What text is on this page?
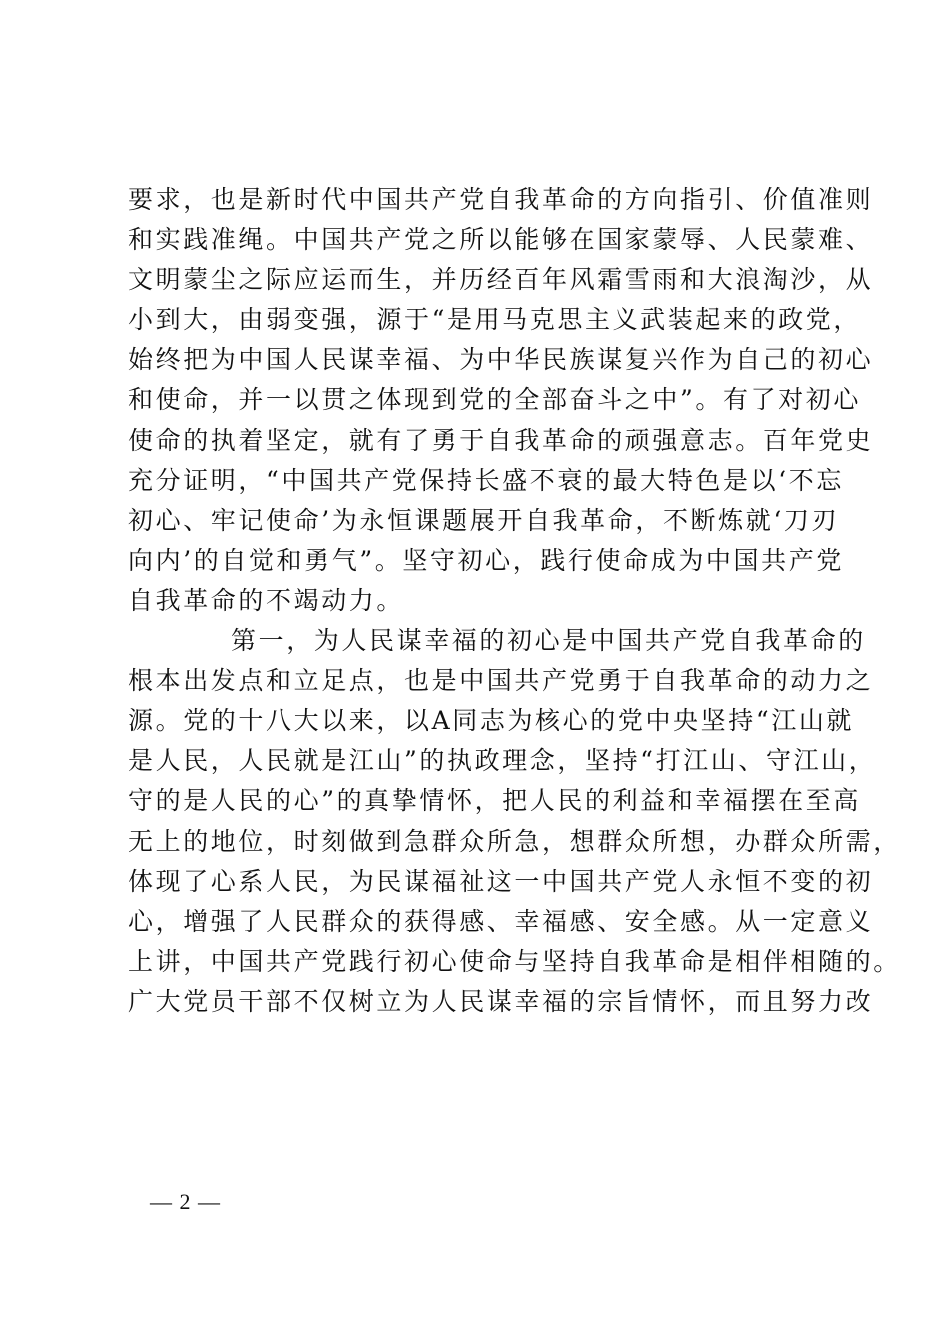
要求，也是新时代中国共产党自我革命的方向指引、价值准则
和实践准绳。中国共产党之所以能够在国家蒙辱、人民蒙难、
文明蒙尘之际应运而生，并历经百年风霜雪雨和大浪淘沙，从
小到大，由弱变强，源于“是用马克思主义武装起来的政党，
始终把为中国人民谋幸福、为中华民族谋复兴作为自己的初心
和使命，并一以贯之体现到党的全部奋斗之中”。有了对初心
使命的执着坚定，就有了勇于自我革命的顽强意志。百年党史
充分证明，“中国共产党保持长盛不衰的最大特色是以‘不忘
初心、牢记使命’为永恒课题展开自我革命，不断炼就‘刀刃
向内’的自觉和勇气”。坚守初心，践行使命成为中国共产党
自我革命的不竭动力。
第一，为人民谋幸福的初心是中国共产党自我革命的
根本出发点和立足点，也是中国共产党勇于自我革命的动力之
源。党的十八大以来，以A同志为核心的党中央坚持“江山就
是人民，人民就是江山”的执政理念，坚持“打江山、守江山，
守的是人民的心”的真挚情怀，把人民的利益和幸福摆在至高
无上的地位，时刻做到急群众所急，想群众所想，办群众所需，
体现了心系人民，为民谋福祉这一中国共产党人永恒不变的初
心，增强了人民群众的获得感、幸福感、安全感。从一定意义
上讲，中国共产党践行初心使命与坚持自我革命是相伴相随的。
广大党员干部不仅树立为人民谋幸福的宗旨情怀，而且努力改
— 2 —
